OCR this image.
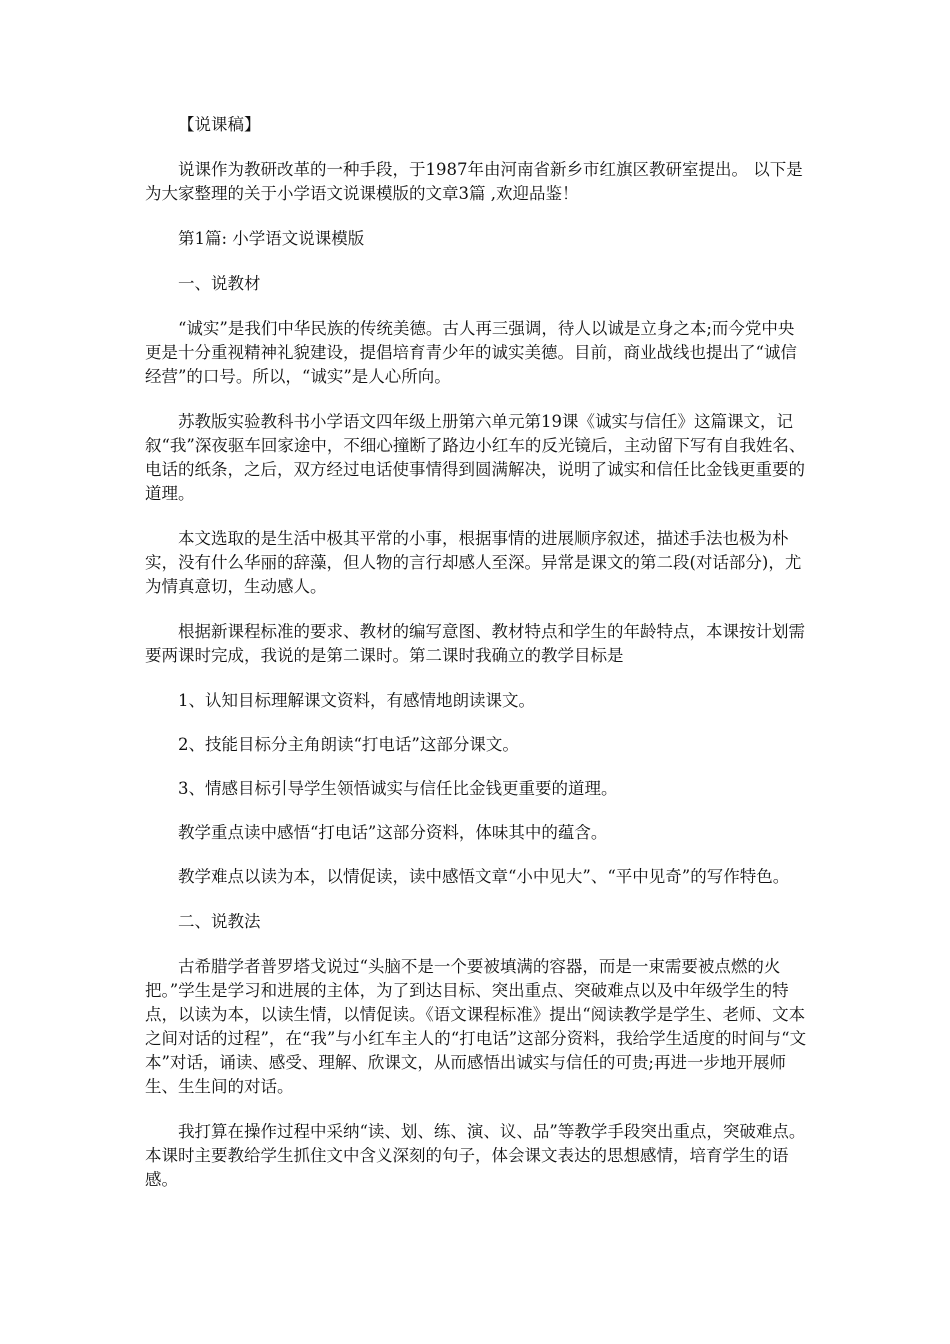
【说课稿】

说课作为教研改革的一种手段，于1987年由河南省新乡市红旗区教研室提出。 以下是为大家整理的关于小学语文说课模版的文章3篇 ,欢迎品鉴！

第1篇: 小学语文说课模版

一、说教材

“诚实”是我们中华民族的传统美德。古人再三强调，待人以诚是立身之本;而今党中央更是十分重视精神礼貌建设，提倡培育青少年的诚实美德。目前，商业战线也提出了“诚信经营”的口号。所以，“诚实”是人心所向。

苏教版实验教科书小学语文四年级上册第六单元第19课《诚实与信任》这篇课文，记叙“我”深夜驱车回家途中，不细心撞断了路边小红车的反光镜后，主动留下写有自我姓名、电话的纸条，之后，双方经过电话使事情得到圆满解决，说明了诚实和信任比金钱更重要的道理。

本文选取的是生活中极其平常的小事，根据事情的进展顺序叙述，描述手法也极为朴实，没有什么华丽的辞藻，但人物的言行却感人至深。异常是课文的第二段(对话部分)，尤为情真意切，生动感人。

根据新课程标准的要求、教材的编写意图、教材特点和学生的年龄特点，本课按计划需要两课时完成，我说的是第二课时。第二课时我确立的教学目标是

1、认知目标理解课文资料，有感情地朗读课文。

2、技能目标分主角朗读“打电话”这部分课文。

3、情感目标引导学生领悟诚实与信任比金钱更重要的道理。

教学重点读中感悟“打电话”这部分资料，体味其中的蕴含。

教学难点以读为本，以情促读，读中感悟文章“小中见大”、“平中见奇”的写作特色。

二、说教法

古希腊学者普罗塔戈说过“头脑不是一个要被填满的容器，而是一束需要被点燃的火把。”学生是学习和进展的主体，为了到达目标、突出重点、突破难点以及中年级学生的特点，以读为本，以读生情，以情促读。《语文课程标准》提出“阅读教学是学生、老师、文本之间对话的过程”，在“我”与小红车主人的“打电话”这部分资料，我给学生适度的时间与“文本”对话，诵读、感受、理解、欣课文，从而感悟出诚实与信任的可贵;再进一步地开展师生、生生间的对话。

我打算在操作过程中采纳“读、划、练、演、议、品”等教学手段突出重点，突破难点。本课时主要教给学生抓住文中含义深刻的句子，体会课文表达的思想感情，培育学生的语感。
